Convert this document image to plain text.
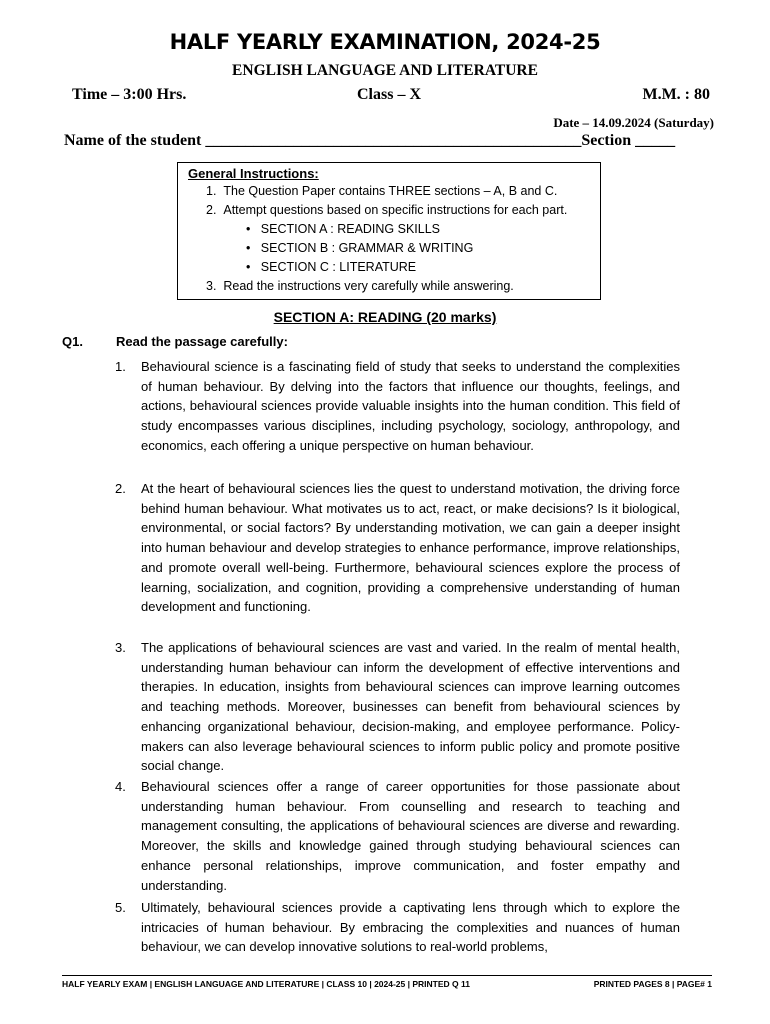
HALF YEARLY EXAMINATION, 2024-25
ENGLISH LANGUAGE AND LITERATURE
Time – 3:00 Hrs.	Class – X	M.M. : 80
Date – 14.09.2024 (Saturday)
Name of the student _______________________________________________Section _____
General Instructions:
1.  The Question Paper contains THREE sections – A, B and C.
2.  Attempt questions based on specific instructions for each part.
•   SECTION A : READING SKILLS
•   SECTION B : GRAMMAR & WRITING
•   SECTION C : LITERATURE
3.  Read the instructions very carefully while answering.
SECTION A: READING (20 marks)
Q1.	Read the passage carefully:
1. Behavioural science is a fascinating field of study that seeks to understand the complexities of human behaviour. By delving into the factors that influence our thoughts, feelings, and actions, behavioural sciences provide valuable insights into the human condition. This field of study encompasses various disciplines, including psychology, sociology, anthropology, and economics, each offering a unique perspective on human behaviour.
2. At the heart of behavioural sciences lies the quest to understand motivation, the driving force behind human behaviour. What motivates us to act, react, or make decisions? Is it biological, environmental, or social factors? By understanding motivation, we can gain a deeper insight into human behaviour and develop strategies to enhance performance, improve relationships, and promote overall well-being. Furthermore, behavioural sciences explore the process of learning, socialization, and cognition, providing a comprehensive understanding of human development and functioning.
3. The applications of behavioural sciences are vast and varied. In the realm of mental health, understanding human behaviour can inform the development of effective interventions and therapies. In education, insights from behavioural sciences can improve learning outcomes and teaching methods. Moreover, businesses can benefit from behavioural sciences by enhancing organizational behaviour, decision-making, and employee performance. Policy-makers can also leverage behavioural sciences to inform public policy and promote positive social change.
4. Behavioural sciences offer a range of career opportunities for those passionate about understanding human behaviour. From counselling and research to teaching and management consulting, the applications of behavioural sciences are diverse and rewarding. Moreover, the skills and knowledge gained through studying behavioural sciences can enhance personal relationships, improve communication, and foster empathy and understanding.
5. Ultimately, behavioural sciences provide a captivating lens through which to explore the intricacies of human behaviour. By embracing the complexities and nuances of human behaviour, we can develop innovative solutions to real-world problems,
HALF YEARLY EXAM | ENGLISH LANGUAGE AND LITERATURE | CLASS 10 | 2024-25 | PRINTED Q 11	PRINTED PAGES 8 | PAGE# 1
